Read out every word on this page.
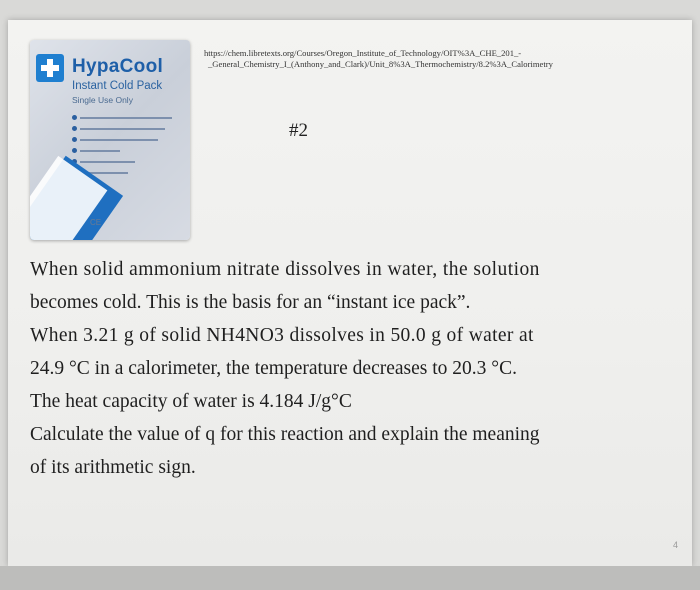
HypaCool
Instant Cold Pack
Single Use Only
CE
https://chem.libretexts.org/Courses/Oregon_Institute_of_Technology/OIT%3A_CHE_201_-
_General_Chemistry_I_(Anthony_and_Clark)/Unit_8%3A_Thermochemistry/8.2%3A_Calorimetry
#2
When solid ammonium nitrate dissolves in water, the solution
becomes cold. This is the basis for an “instant ice pack”.
When 3.21 g of solid NH4NO3 dissolves in 50.0 g of water at
24.9 °C in a calorimeter, the temperature decreases to 20.3 °C.
The heat capacity of water is 4.184 J/g°C
Calculate the value of q for this reaction and explain the meaning
of its arithmetic sign.
4
